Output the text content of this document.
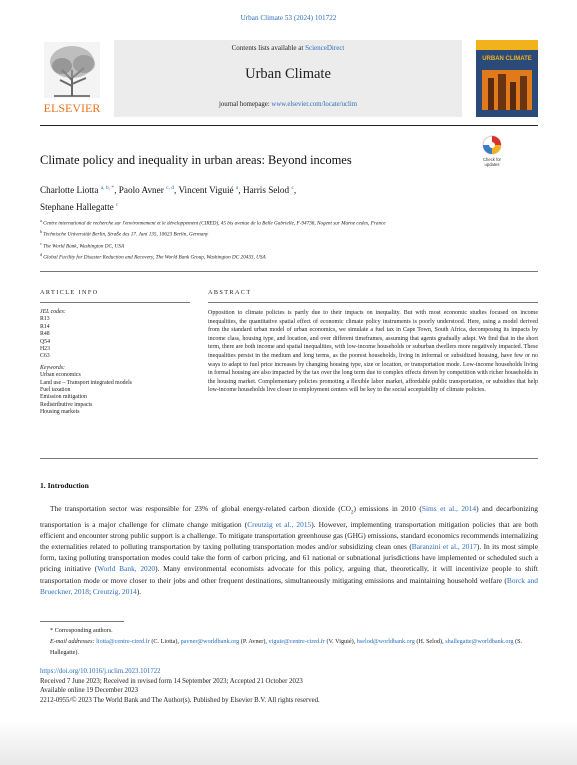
Urban Climate 53 (2024) 101722
ELSEVIER
Contents lists available at ScienceDirect
Urban Climate
journal homepage: www.elsevier.com/locate/uclim
URBAN CLIMATE
Check for
updates
Climate policy and inequality in urban areas: Beyond incomes
Charlotte Liotta $^{a, b, *}$, Paolo Avner $^{c, d}$, Vincent Viguié $^a$, Harris Selod $^c$,
Stephane Hallegatte $^c$
$^a$ Centre international de recherche sur l'environnement et le développement (CIRED), 45 bis avenue de la Belle Gabrielle, F-94736, Nogent sur Marne cedex, France
$^b$ Technische Universität Berlin, Straße des 17. Juni 135, 10623 Berlin, Germany
$^c$ The World Bank, Washington DC, USA
$^d$ Global Facility for Disaster Reduction and Recovery, The World Bank Group, Washington DC 20433, USA
ARTICLE INFO	ABSTRACT
JEL codes:
R13
R14
R48
Q54
H23
C63
Keywords:
Urban economics
Land use – Transport integrated models
Fuel taxation
Emission mitigation
Redistributive impacts
Housing markets
Opposition to climate policies is partly due to their impacts on inequality. But with most economic studies focused on income inequalities, the quantitative spatial effect of economic climate policy instruments is poorly understood. Here, using a model derived from the standard urban model of urban economics, we simulate a fuel tax in Cape Town, South Africa, decomposing its impacts by income class, housing type, and location, and over different timeframes, assuming that agents gradually adapt. We find that in the short term, there are both income and spatial inequalities, with low-income households or suburban dwellers more negatively impacted. These inequalities persist in the medium and long terms, as the poorest households, living in informal or subsidized housing, have few or no ways to adapt to fuel price increases by changing housing type, size or location, or transportation mode. Low-income households living in formal housing are also impacted by the tax over the long term due to complex effects driven by competition with richer households in the housing market. Complementary policies promoting a flexible labor market, affordable public transportation, or subsidies that help low-income households live closer to employment centers will be key to the social acceptability of climate policies.
1. Introduction
The transportation sector was responsible for 23% of global energy-related carbon dioxide $(CO_2)$ emissions in 2010 (Sims et al., 2014) and decarbonizing transportation is a major challenge for climate change mitigation (Creutzig et al., 2015). However, implementing transportation mitigation policies that are both efficient and encounter strong public support is a challenge. To mitigate transportation greenhouse gas (GHG) emissions, standard economics recommends internalizing the externalities related to polluting transportation by taxing polluting transportation modes and/or subsidizing clean ones (Baranzini et al., 2017). In its most simple form, taxing polluting transportation modes could take the form of carbon pricing, and 61 national or subnational jurisdictions have implemented or scheduled such a pricing initiative (World Bank, 2020). Many environmental economists advocate for this policy, arguing that, theoretically, it will incentivize people to shift transportation mode or move closer to their jobs and other frequent destinations, simultaneously mitigating emissions and maintaining household welfare (Borck and Brueckner, 2018; Creutzig, 2014).
* Corresponding authors.
E-mail addresses: liotta@centre-cired.fr (C. Liotta), pavner@worldbank.org (P. Avner), viguie@centre-cired.fr (V. Viguié), hselod@worldbank.org (H. Selod), shallegatte@worldbank.org (S. Hallegatte).
https://doi.org/10.1016/j.uclim.2023.101722
Received 7 June 2023; Received in revised form 14 September 2023; Accepted 21 October 2023
Available online 19 December 2023
2212-0955/© 2023 The World Bank and The Author(s). Published by Elsevier B.V. All rights reserved.
